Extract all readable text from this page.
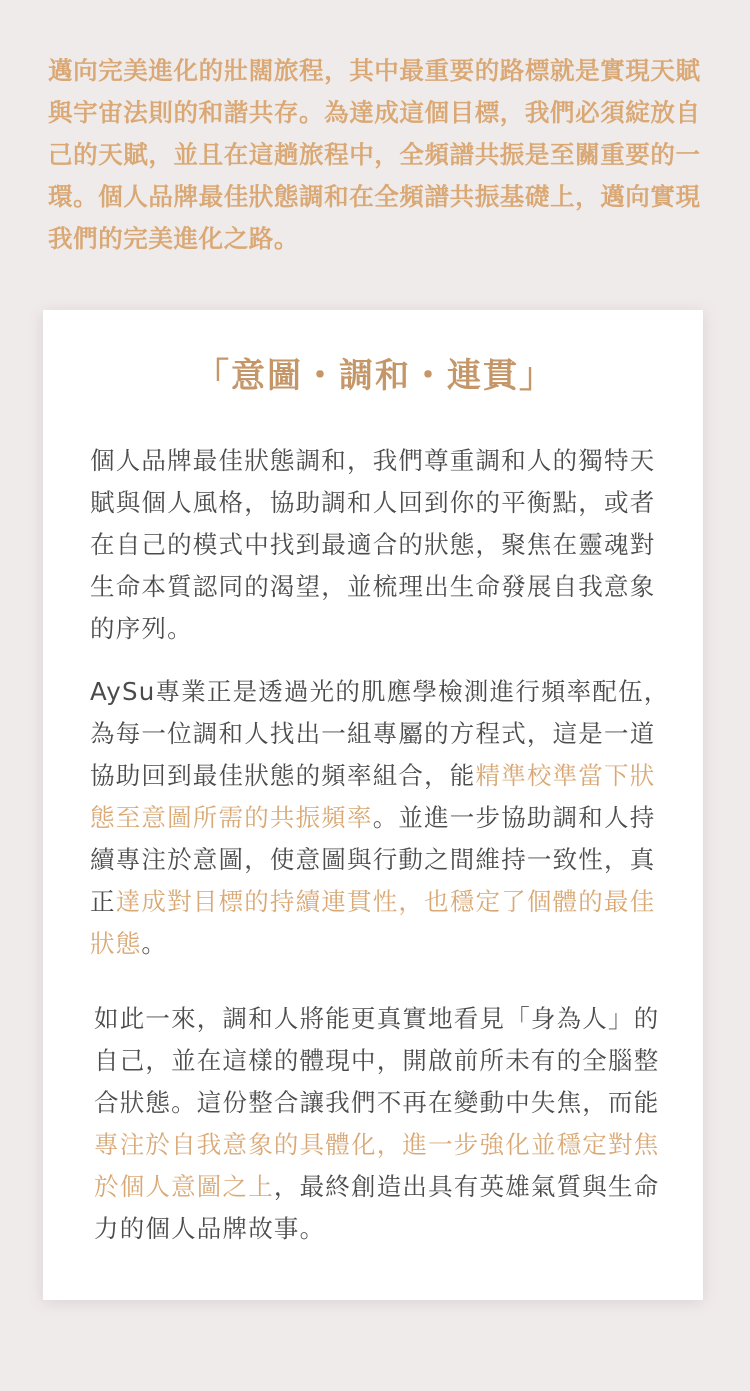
邁向完美進化的壯闊旅程，其中最重要的路標就是實現天賦與宇宙法則的和諧共存。為達成這個目標，我們必須綻放自己的天賦，並且在這趟旅程中，全頻譜共振是至關重要的一環。個人品牌最佳狀態調和在全頻譜共振基礎上，邁向實現我們的完美進化之路。

「意圖・調和・連貫」

個人品牌最佳狀態調和，我們尊重調和人的獨特天賦與個人風格，協助調和人回到你的平衡點，或者在自己的模式中找到最適合的狀態，聚焦在靈魂對生命本質認同的渴望，並梳理出生命發展自我意象的序列。

AySu專業正是透過光的肌應學檢測進行頻率配伍，為每一位調和人找出一組專屬的方程式，這是一道協助回到最佳狀態的頻率組合，能精準校準當下狀態至意圖所需的共振頻率。並進一步協助調和人持續專注於意圖，使意圖與行動之間維持一致性，真正達成對目標的持續連貫性，也穩定了個體的最佳狀態。

如此一來，調和人將能更真實地看見「身為人」的自己，並在這樣的體現中，開啟前所未有的全腦整合狀態。這份整合讓我們不再在變動中失焦，而能專注於自我意象的具體化，進一步強化並穩定對焦於個人意圖之上，最終創造出具有英雄氣質與生命力的個人品牌故事。
